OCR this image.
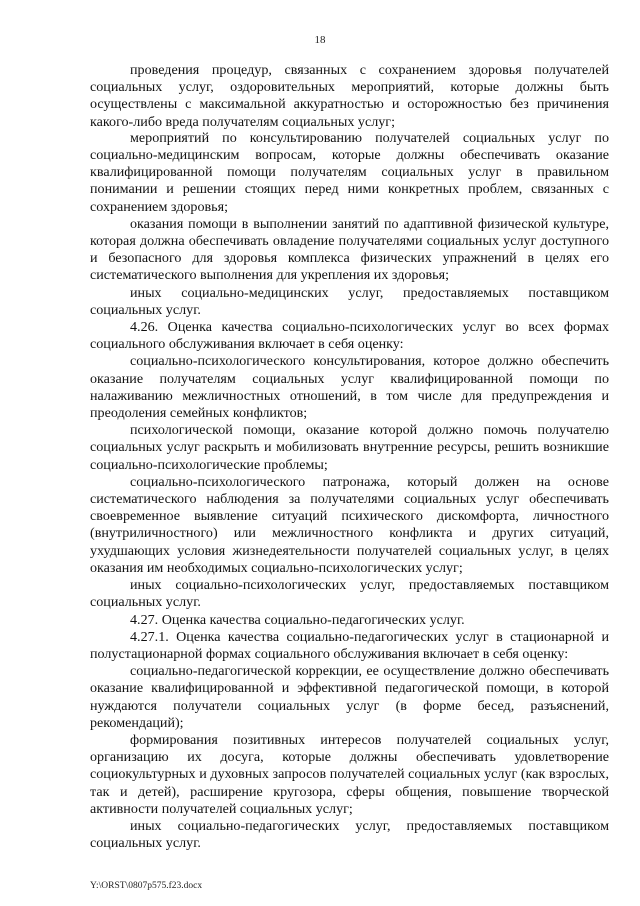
18

проведения процедур, связанных с сохранением здоровья получателей социальных услуг, оздоровительных мероприятий, которые должны быть осуществлены с максимальной аккуратностью и осторожностью без причинения какого-либо вреда получателям социальных услуг;

мероприятий по консультированию получателей социальных услуг по социально-медицинским вопросам, которые должны обеспечивать оказание квалифицированной помощи получателям социальных услуг в правильном понимании и решении стоящих перед ними конкретных проблем, связанных с сохранением здоровья;

оказания помощи в выполнении занятий по адаптивной физической культуре, которая должна обеспечивать овладение получателями социальных услуг доступного и безопасного для здоровья комплекса физических упражнений в целях его систематического выполнения для укрепления их здоровья;

иных социально-медицинских услуг, предоставляемых поставщиком социальных услуг.

4.26. Оценка качества социально-психологических услуг во всех формах социального обслуживания включает в себя оценку:

социально-психологического консультирования, которое должно обеспечить оказание получателям социальных услуг квалифицированной помощи по налаживанию межличностных отношений, в том числе для предупреждения и преодоления семейных конфликтов;

психологической помощи, оказание которой должно помочь получателю социальных услуг раскрыть и мобилизовать внутренние ресурсы, решить возникшие социально-психологические проблемы;

социально-психологического патронажа, который должен на основе систематического наблюдения за получателями социальных услуг обеспечивать своевременное выявление ситуаций психического дискомфорта, личностного (внутриличностного) или межличностного конфликта и других ситуаций, ухудшающих условия жизнедеятельности получателей социальных услуг, в целях оказания им необходимых социально-психологических услуг;

иных социально-психологических услуг, предоставляемых поставщиком социальных услуг.

4.27. Оценка качества социально-педагогических услуг.

4.27.1. Оценка качества социально-педагогических услуг в стационарной и полустационарной формах социального обслуживания включает в себя оценку:

социально-педагогической коррекции, ее осуществление должно обеспечивать оказание квалифицированной и эффективной педагогической помощи, в которой нуждаются получатели социальных услуг (в форме бесед, разъяснений, рекомендаций);

формирования позитивных интересов получателей социальных услуг, организацию их досуга, которые должны обеспечивать удовлетворение социокультурных и духовных запросов получателей социальных услуг (как взрослых, так и детей), расширение кругозора, сферы общения, повышение творческой активности получателей социальных услуг;

иных социально-педагогических услуг, предоставляемых поставщиком социальных услуг.

Y:\ORST\0807p575.f23.docx
